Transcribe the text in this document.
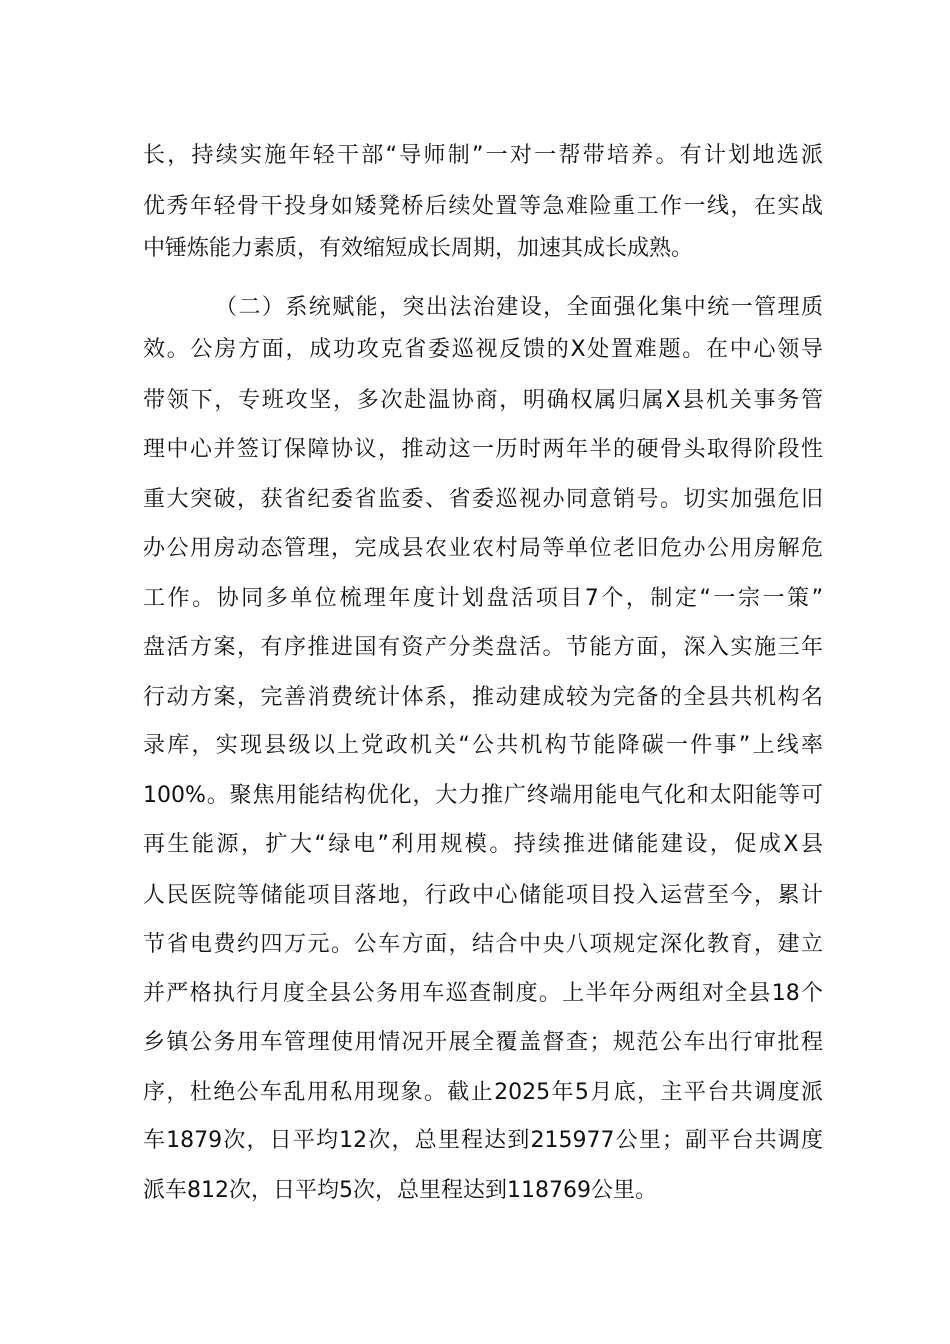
长，持续实施年轻干部“导师制”一对一帮带培养。有计划地选派
优秀年轻骨干投身如矮凳桥后续处置等急难险重工作一线，在实战
中锤炼能力素质，有效缩短成长周期，加速其成长成熟。
（二）系统赋能，突出法治建设，全面强化集中统一管理质
效。公房方面，成功攻克省委巡视反馈的X处置难题。在中心领导
带领下，专班攻坚，多次赴温协商，明确权属归属X县机关事务管
理中心并签订保障协议，推动这一历时两年半的硬骨头取得阶段性
重大突破，获省纪委省监委、省委巡视办同意销号。切实加强危旧
办公用房动态管理，完成县农业农村局等单位老旧危办公用房解危
工作。协同多单位梳理年度计划盘活项目7个，制定“一宗一策”
盘活方案，有序推进国有资产分类盘活。节能方面，深入实施三年
行动方案，完善消费统计体系，推动建成较为完备的全县共机构名
录库，实现县级以上党政机关“公共机构节能降碳一件事”上线率
100%。聚焦用能结构优化，大力推广终端用能电气化和太阳能等可
再生能源，扩大“绿电”利用规模。持续推进储能建设，促成X县
人民医院等储能项目落地，行政中心储能项目投入运营至今，累计
节省电费约四万元。公车方面，结合中央八项规定深化教育，建立
并严格执行月度全县公务用车巡查制度。上半年分两组对全县18个
乡镇公务用车管理使用情况开展全覆盖督查；规范公车出行审批程
序，杜绝公车乱用私用现象。截止2025年5月底，主平台共调度派
车1879次，日平均12次，总里程达到215977公里；副平台共调度
派车812次，日平均5次，总里程达到118769公里。
